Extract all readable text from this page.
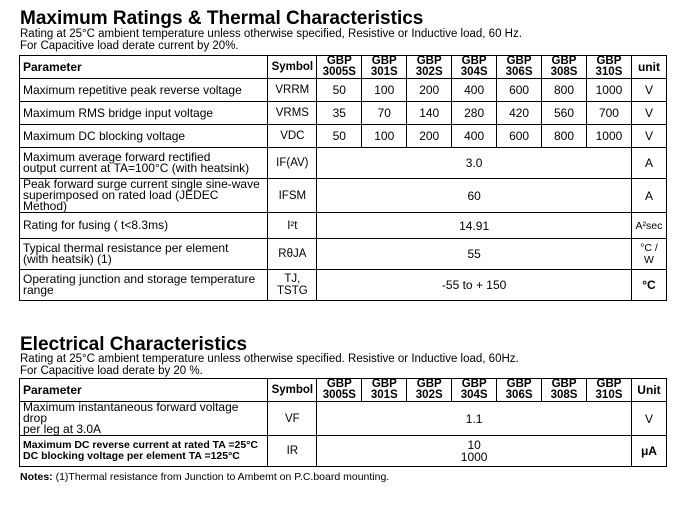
Maximum Ratings & Thermal Characteristics
Rating at 25°C ambient temperature unless otherwise specified, Resistive or Inductive load, 60 Hz.
For Capacitive load derate current by 20%.
Parameter	Symbol	GBP 3005S	GBP 301S	GBP 302S	GBP 304S	GBP 306S	GBP 308S	GBP 310S	unit
Maximum repetitive peak reverse voltage	VRRM	50	100	200	400	600	800	1000	V
Maximum RMS bridge input voltage	VRMS	35	70	140	280	420	560	700	V
Maximum DC blocking voltage	VDC	50	100	200	400	600	800	1000	V
Maximum average forward rectified
output current at TA=100°C (with heatsink)	IF(AV)	3.0							A
Peak forward surge current single sine-wave
superimposed on rated load (JEDEC Method)	IFSM	60							A
Rating for fusing ( t<8.3ms)	I²t	14.91							A²sec
Typical thermal resistance per element
(with heatsik) (1)	RθJA	55							°C / W
Operating junction and storage temperature
range	TJ, TSTG	-55 to + 150							°C
Electrical Characteristics
Rating at 25°C ambient temperature unless otherwise specified. Resistive or Inductive load, 60Hz.
For Capacitive load derate by 20 %.
Parameter	Symbol	GBP 3005S	GBP 301S	GBP 302S	GBP 304S	GBP 306S	GBP 308S	GBP 310S	Unit
Maximum instantaneous forward voltage drop
per leg at 3.0A	VF	1.1							V
Maximum DC reverse current at rated TA =25°C
DC blocking voltage per element TA =125°C	IR	10
1000							μA
Notes: (1)Thermal resistance from Junction to Ambemt on P.C.board mounting.
